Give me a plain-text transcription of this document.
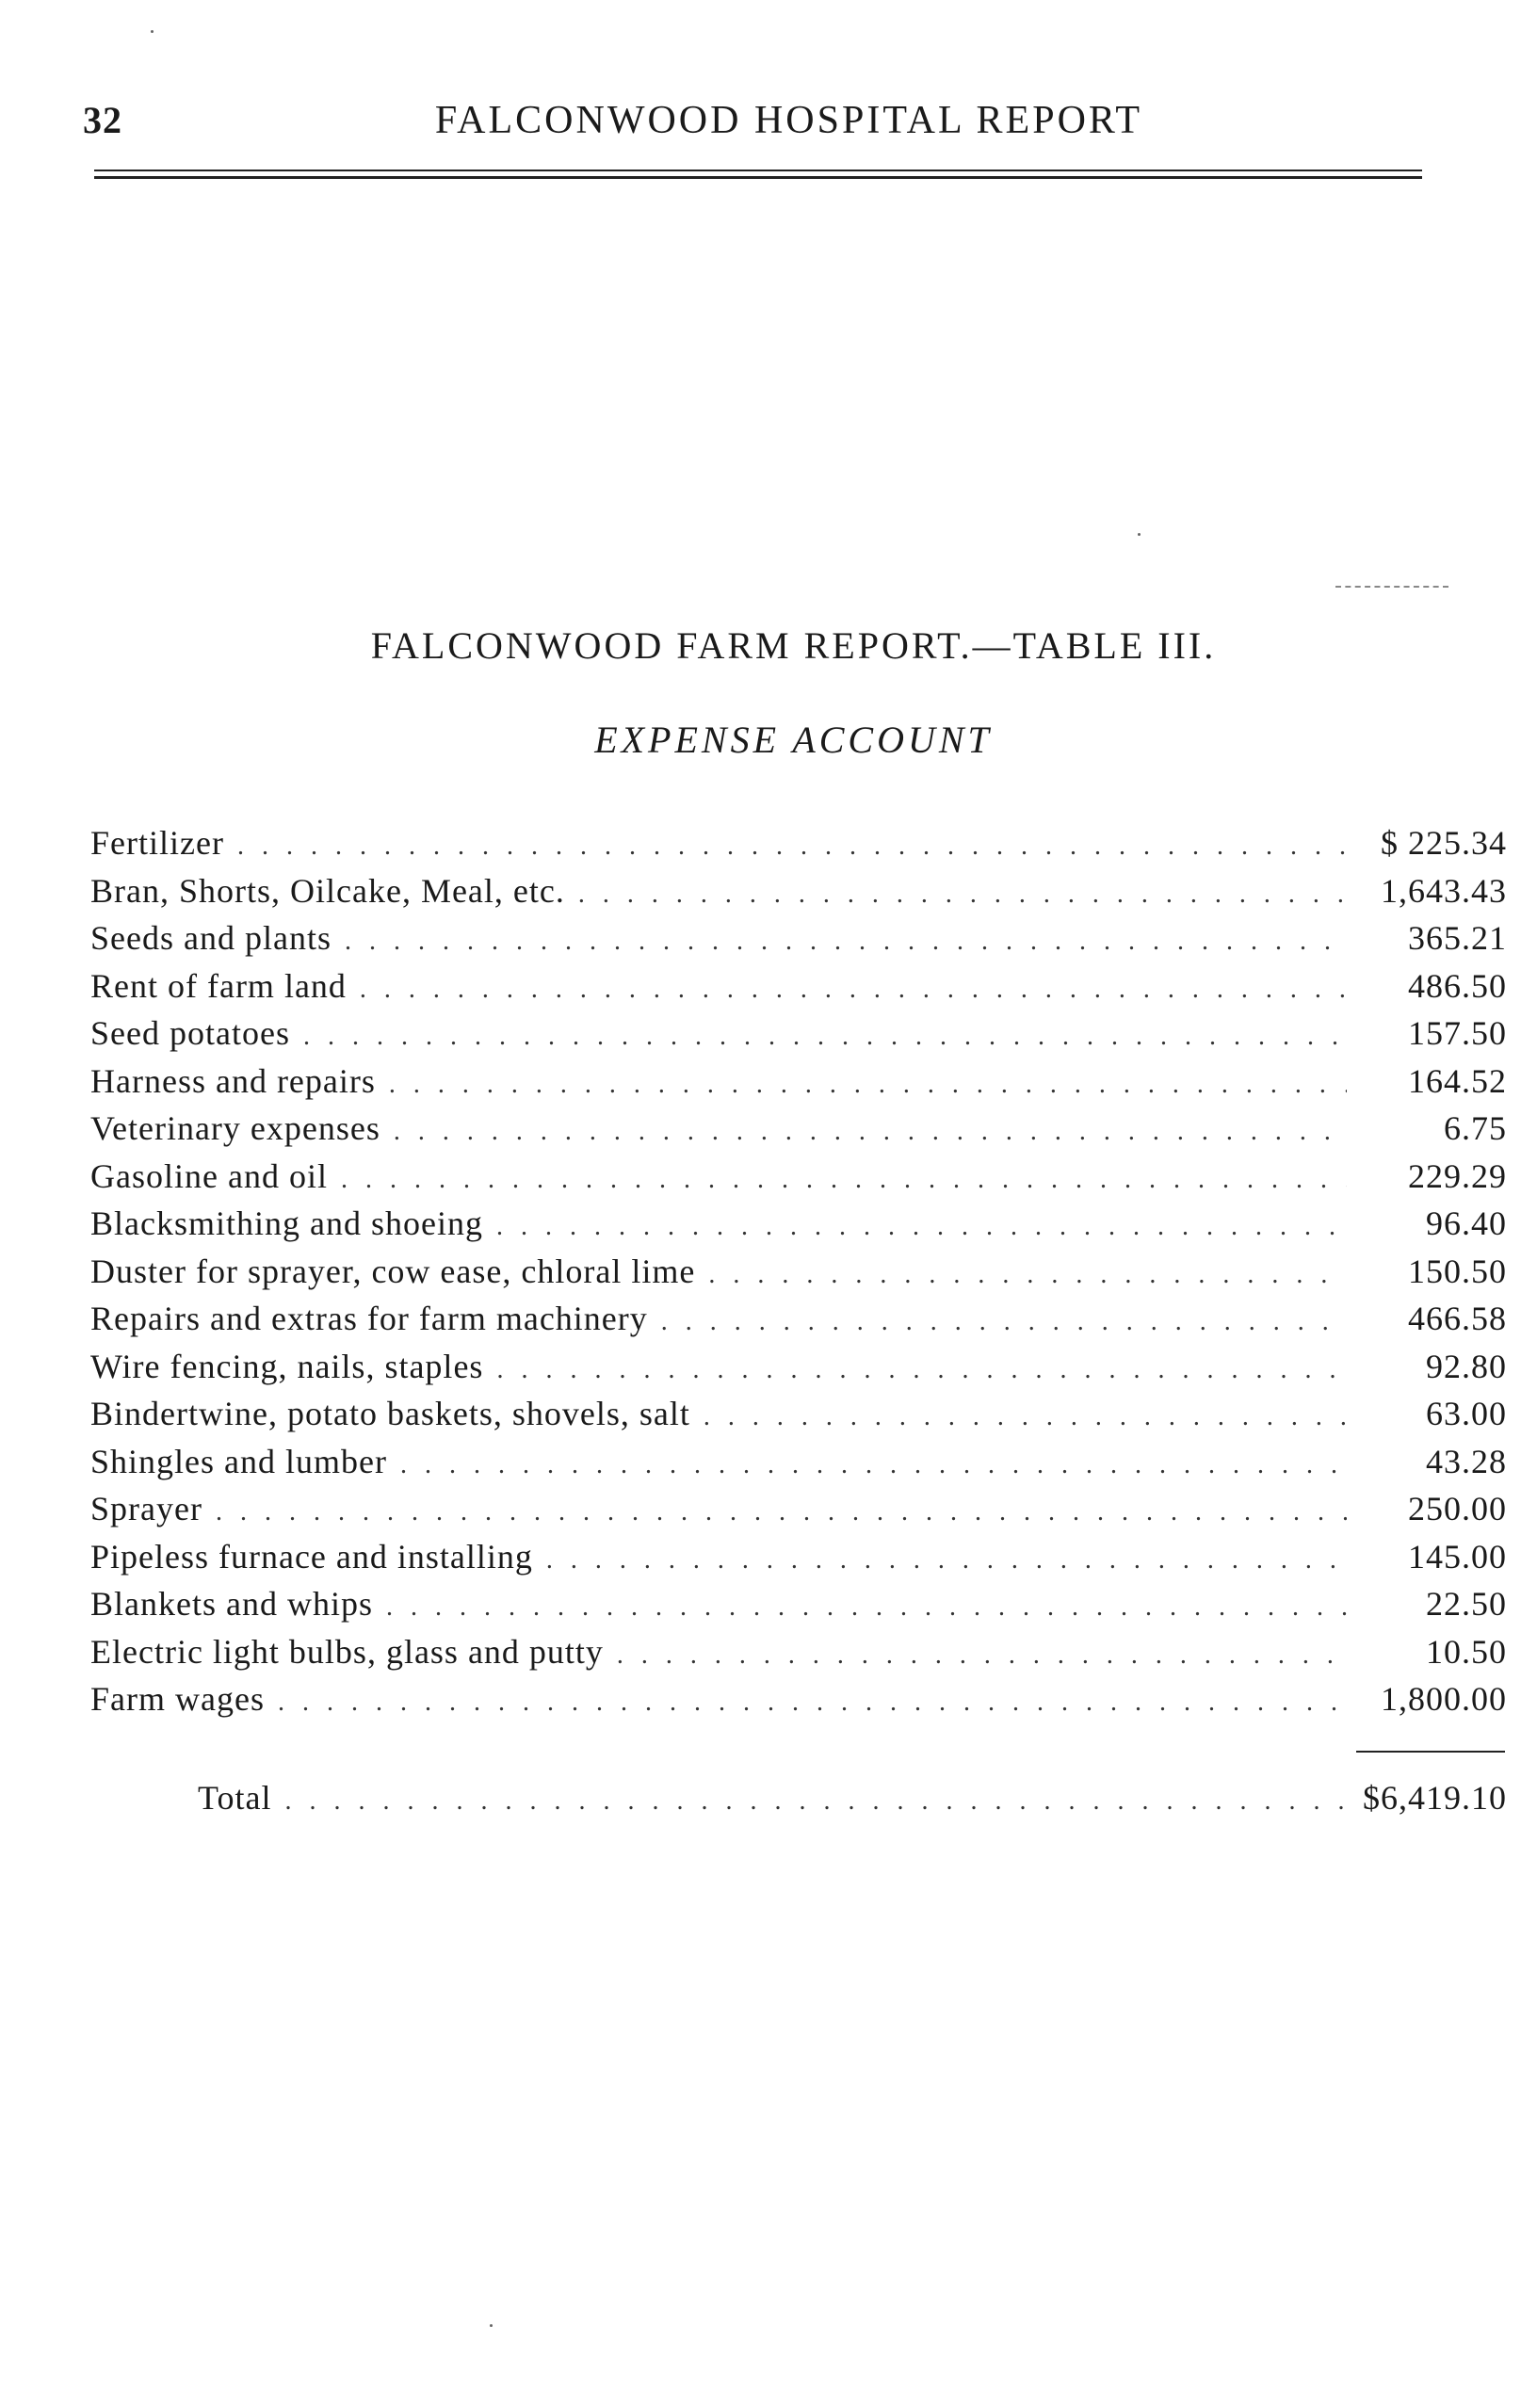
32	FALCONWOOD HOSPITAL REPORT
FALCONWOOD FARM REPORT.—TABLE III.
EXPENSE ACCOUNT
Fertilizer . . .	$ 225.34
Bran, Shorts, Oilcake, Meal, etc. . . .	1,643.43
Seeds and plants . . .	365.21
Rent of farm land . . .	486.50
Seed potatoes . . .	157.50
Harness and repairs . . .	164.52
Veterinary expenses . . .	6.75
Gasoline and oil . . .	229.29
Blacksmithing and shoeing . . .	96.40
Duster for sprayer, cow ease, chloral lime . . .	150.50
Repairs and extras for farm machinery . . .	466.58
Wire fencing, nails, staples . . .	92.80
Bindertwine, potato baskets, shovels, salt . . .	63.00
Shingles and lumber . . .	43.28
Sprayer . . .	250.00
Pipeless furnace and installing . . .	145.00
Blankets and whips . . .	22.50
Electric light bulbs, glass and putty . . .	10.50
Farm wages . . .	1,800.00
Total . . .	$6,419.10
